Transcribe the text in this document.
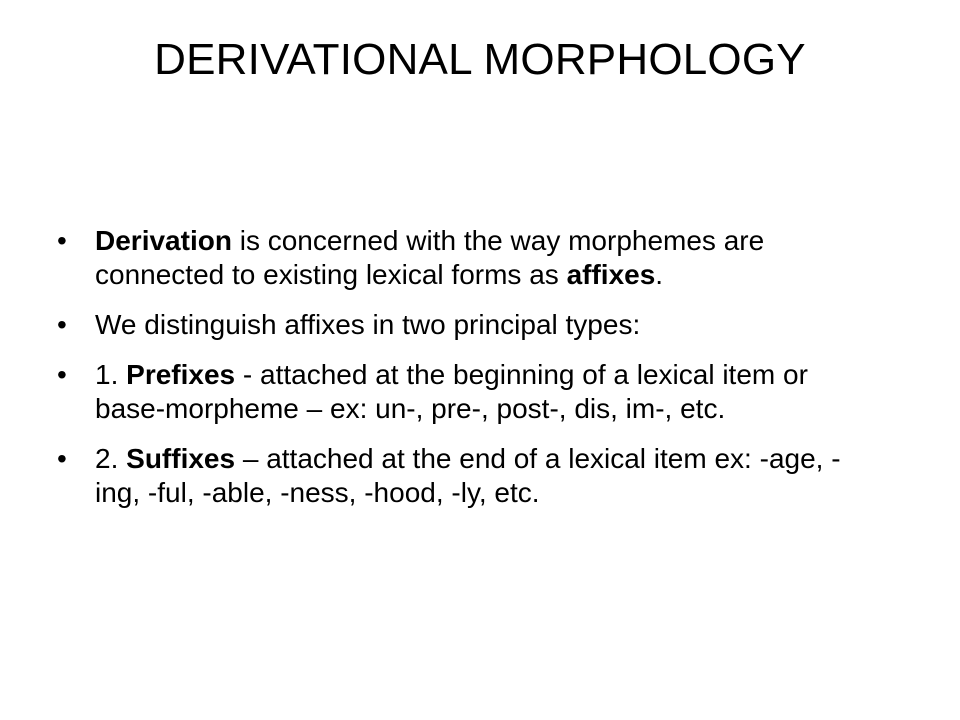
DERIVATIONAL MORPHOLOGY
• Derivation is concerned with the way morphemes are connected to existing lexical forms as affixes.
• We distinguish affixes in two principal types:
• 1. Prefixes - attached at the beginning of a lexical item or base-morpheme – ex: un-, pre-, post-, dis, im-, etc.
• 2. Suffixes – attached at the end of a lexical item ex: -age, -ing, -ful, -able, -ness, -hood, -ly, etc.
